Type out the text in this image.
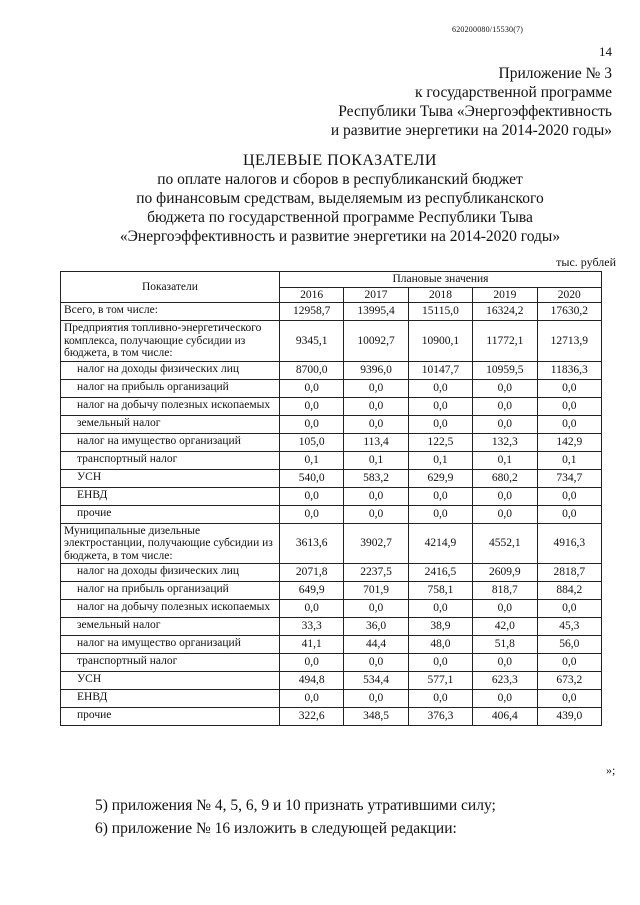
620200080/15530(7)
14
Приложение № 3
к государственной программе
Республики Тыва «Энергоэффективность
и развитие энергетики на 2014-2020 годы»
ЦЕЛЕВЫЕ ПОКАЗАТЕЛИ
по оплате налогов и сборов в республиканский бюджет
по финансовым средствам, выделяемым из республиканского
бюджета по государственной программе Республики Тыва
«Энергоэффективность и развитие энергетики на 2014-2020 годы»
тыс. рублей
Показатели	Плановые значения				
	2016	2017	2018	2019	2020
Всего, в том числе:	12958,7	13995,4	15115,0	16324,2	17630,2
Предприятия топливно-энергетического комплекса, получающие субсидии из бюджета, в том числе:	9345,1	10092,7	10900,1	11772,1	12713,9
налог на доходы физических лиц	8700,0	9396,0	10147,7	10959,5	11836,3
налог на прибыль организаций	0,0	0,0	0,0	0,0	0,0
налог на добычу полезных ископаемых	0,0	0,0	0,0	0,0	0,0
земельный налог	0,0	0,0	0,0	0,0	0,0
налог на имущество организаций	105,0	113,4	122,5	132,3	142,9
транспортный налог	0,1	0,1	0,1	0,1	0,1
УСН	540,0	583,2	629,9	680,2	734,7
ЕНВД	0,0	0,0	0,0	0,0	0,0
прочие	0,0	0,0	0,0	0,0	0,0
Муниципальные дизельные электростанции, получающие субсидии из бюджета, в том числе:	3613,6	3902,7	4214,9	4552,1	4916,3
налог на доходы физических лиц	2071,8	2237,5	2416,5	2609,9	2818,7
налог на прибыль организаций	649,9	701,9	758,1	818,7	884,2
налог на добычу полезных ископаемых	0,0	0,0	0,0	0,0	0,0
земельный налог	33,3	36,0	38,9	42,0	45,3
налог на имущество организаций	41,1	44,4	48,0	51,8	56,0
транспортный налог	0,0	0,0	0,0	0,0	0,0
УСН	494,8	534,4	577,1	623,3	673,2
ЕНВД	0,0	0,0	0,0	0,0	0,0
прочие	322,6	348,5	376,3	406,4	439,0
»;
5) приложения № 4, 5, 6, 9 и 10 признать утратившими силу;
6) приложение № 16 изложить в следующей редакции:
